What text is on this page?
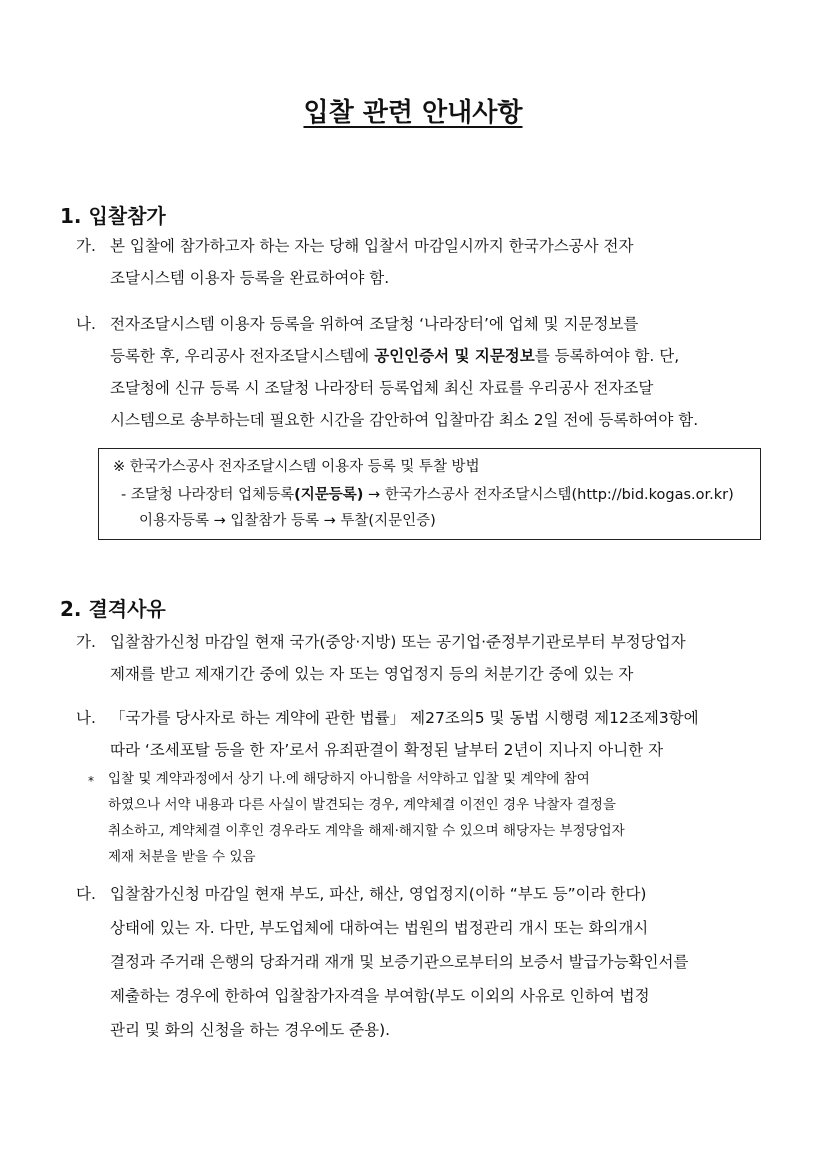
입찰 관련 안내사항
1. 입찰참가
가. 본 입찰에 참가하고자 하는 자는 당해 입찰서 마감일시까지 한국가스공사 전자

조달시스템 이용자 등록을 완료하여야 함.

나. 전자조달시스템 이용자 등록을 위하여 조달청 ‘나라장터’에 업체 및 지문정보를

등록한 후, 우리공사 전자조달시스템에 공인인증서 및 지문정보를 등록하여야 함. 단,

조달청에 신규 등록 시 조달청 나라장터 등록업체 최신 자료를 우리공사 전자조달

시스템으로 송부하는데 필요한 시간을 감안하여 입찰마감 최소 2일 전에 등록하여야 함.

※ 한국가스공사 전자조달시스템 이용자 등록 및 투찰 방법
- 조달청 나라장터 업체등록(지문등록) → 한국가스공사 전자조달시스템(http://bid.kogas.or.kr)
이용자등록 → 입찰참가 등록 → 투찰(지문인증)
2. 결격사유
가. 입찰참가신청 마감일 현재 국가(중앙·지방) 또는 공기업·준정부기관로부터 부정당업자

제재를 받고 제재기간 중에 있는 자 또는 영업정지 등의 처분기간 중에 있는 자

나. 「국가를 당사자로 하는 계약에 관한 법률」 제27조의5 및 동법 시행령 제12조제3항에

따라 ‘조세포탈 등을 한 자’로서 유죄판결이 확정된 날부터 2년이 지나지 아니한 자

* 입찰 및 계약과정에서 상기 나.에 해당하지 아니함을 서약하고 입찰 및 계약에 참여

하였으나 서약 내용과 다른 사실이 발견되는 경우, 계약체결 이전인 경우 낙찰자 결정을

취소하고, 계약체결 이후인 경우라도 계약을 해제·해지할 수 있으며 해당자는 부정당업자

제재 처분을 받을 수 있음

다. 입찰참가신청 마감일 현재 부도, 파산, 해산, 영업정지(이하 “부도 등”이라 한다)

상태에 있는 자. 다만, 부도업체에 대하여는 법원의 법정관리 개시 또는 화의개시

결정과 주거래 은행의 당좌거래 재개 및 보증기관으로부터의 보증서 발급가능확인서를

제출하는 경우에 한하여 입찰참가자격을 부여함(부도 이외의 사유로 인하여 법정

관리 및 화의 신청을 하는 경우에도 준용).
